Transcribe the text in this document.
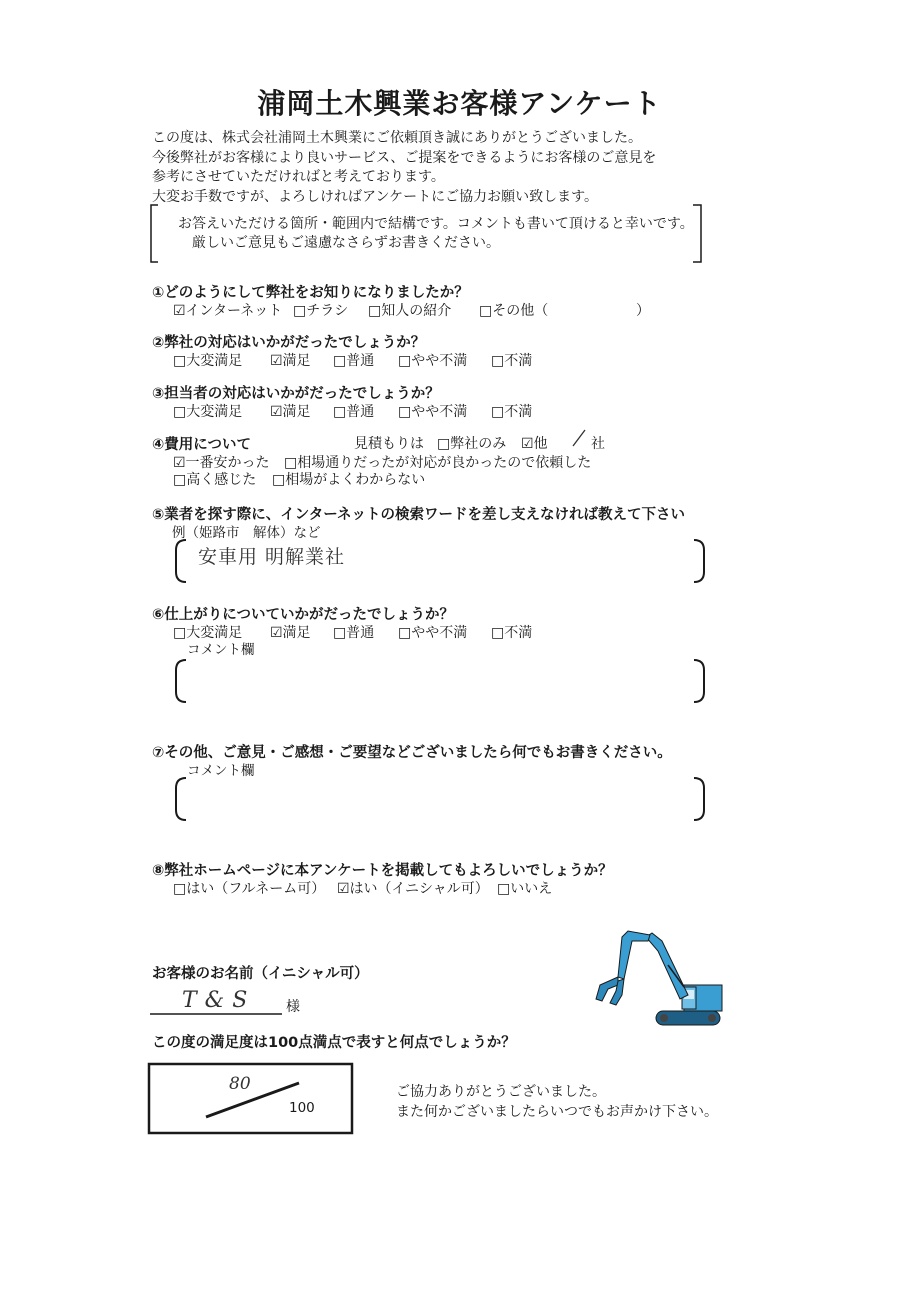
浦岡土木興業お客様アンケート
この度は、株式会社浦岡土木興業にご依頼頂き誠にありがとうございました。
今後弊社がお客様により良いサービス、ご提案をできるようにお客様のご意見を
参考にさせていただければと考えております。
大変お手数ですが、よろしければアンケートにご協力お願い致します。
お答えいただける箇所・範囲内で結構です。コメントも書いて頂けると幸いです。
厳しいご意見もご遠慮なさらずお書きください。
①どのようにして弊社をお知りになりましたか？
☑インターネット □チラシ □知人の紹介 □その他（	）
②弊社の対応はいかがだったでしょうか？
□大変満足 ☑満足 □普通 □やや不満 □不満
③担当者の対応はいかがだったでしょうか？
□大変満足 ☑満足 □普通 □やや不満 □不満
④費用について	見積もりは □弊社のみ ☑他	社
☑一番安かった □相場通りだったが対応が良かったので依頼した
□高く感じた □相場がよくわからない
⑤業者を探す際に、インターネットの検索ワードを差し支えなければ教えて下さい
例（姫路市　解体）など
安車用 明解業社
⑥仕上がりについていかがだったでしょうか？
□大変満足 ☑満足 □普通 □やや不満 □不満
コメント欄
⑦その他、ご意見・ご感想・ご要望などございましたら何でもお書きください。
コメント欄
⑧弊社ホームページに本アンケートを掲載してもよろしいでしょうか？
□はい（フルネーム可） ☑はい（イニシャル可） □いいえ
お客様のお名前（イニシャル可）
T&S 様
この度の満足度は100点満点で表すと何点でしょうか？
80
100
ご協力ありがとうございました。
また何かございましたらいつでもお声かけ下さい。
